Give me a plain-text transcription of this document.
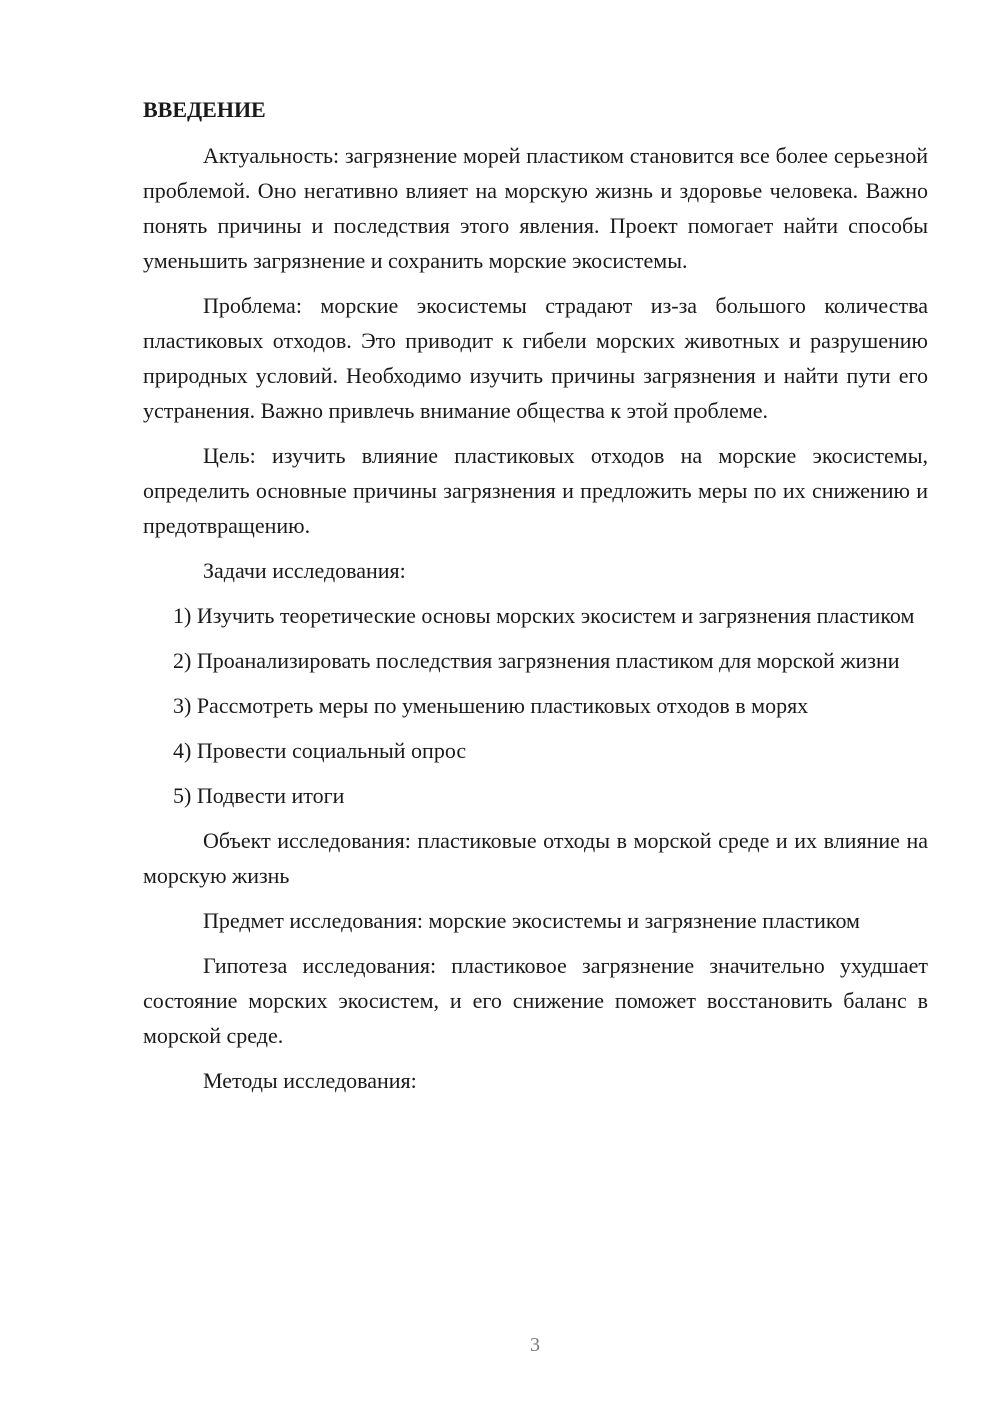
ВВЕДЕНИЕ

Актуальность: загрязнение морей пластиком становится все более серьезной проблемой. Оно негативно влияет на морскую жизнь и здоровье человека. Важно понять причины и последствия этого явления. Проект помогает найти способы уменьшить загрязнение и сохранить морские экосистемы.

Проблема: морские экосистемы страдают из-за большого количества пластиковых отходов. Это приводит к гибели морских животных и разрушению природных условий. Необходимо изучить причины загрязнения и найти пути его устранения. Важно привлечь внимание общества к этой проблеме.

Цель: изучить влияние пластиковых отходов на морские экосистемы, определить основные причины загрязнения и предложить меры по их снижению и предотвращению.

Задачи исследования:

1) Изучить теоретические основы морских экосистем и загрязнения пластиком

2) Проанализировать последствия загрязнения пластиком для морской жизни

3) Рассмотреть меры по уменьшению пластиковых отходов в морях

4) Провести социальный опрос

5) Подвести итоги

Объект исследования: пластиковые отходы в морской среде и их влияние на морскую жизнь

Предмет исследования: морские экосистемы и загрязнение пластиком

Гипотеза исследования: пластиковое загрязнение значительно ухудшает состояние морских экосистем, и его снижение поможет восстановить баланс в морской среде.

Методы исследования:

3
